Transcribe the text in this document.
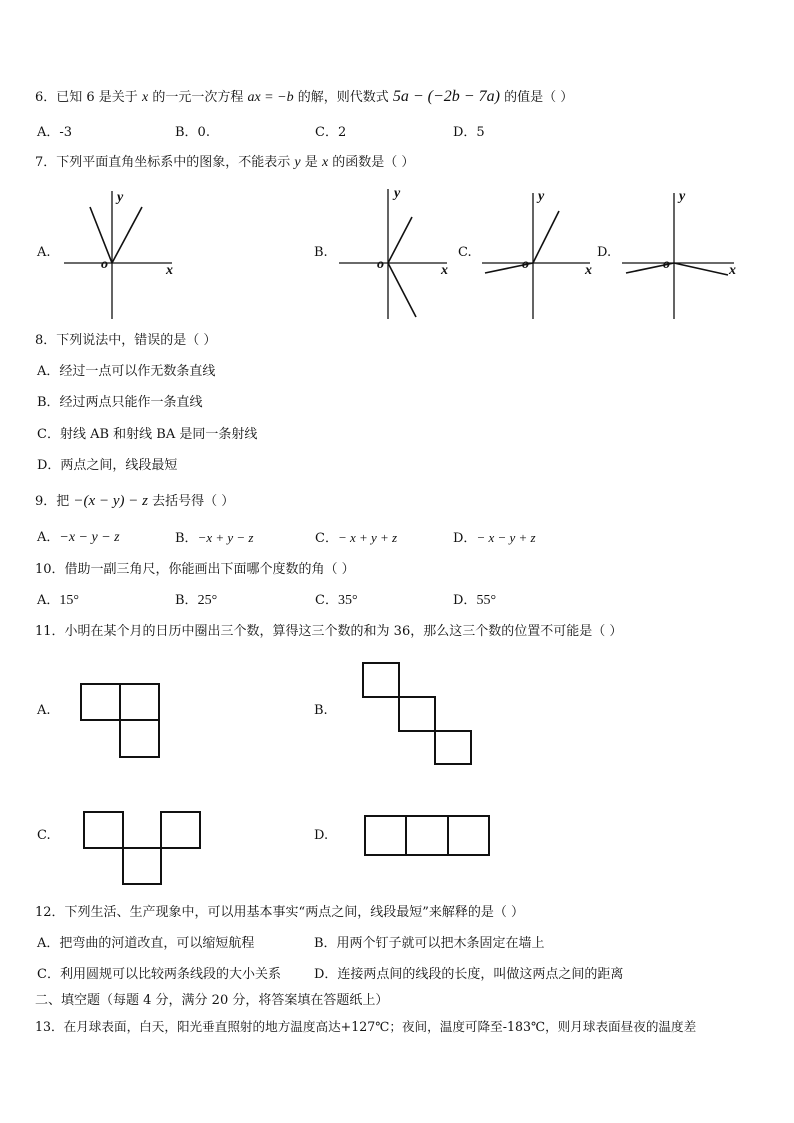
6．已知 6 是关于 x 的一元一次方程 ax = −b 的解，则代数式 5a − (−2b − 7a) 的值是（ ）
A．-3	B．0.	C．2	D．5
7．下列平面直角坐标系中的图象，不能表示 y 是 x 的函数是（ ）
A.	B.	C.	D.
y
x
o
y
x
o
y
x
o
y
x
o
8．下列说法中，错误的是（ ）
A．经过一点可以作无数条直线
B．经过两点只能作一条直线
C．射线 AB 和射线 BA 是同一条射线
D．两点之间，线段最短
9．把 −(x − y) − z 去括号得（ ）
A．−x − y − z	B．−x + y − z	C．− x + y + z	D．− x − y + z
10．借助一副三角尺，你能画出下面哪个度数的角（ ）
A．15°	B．25°	C．35°	D．55°
11．小明在某个月的日历中圈出三个数，算得这三个数的和为 36，那么这三个数的位置不可能是（ ）
A.	B.
C.	D.
12．下列生活、生产现象中，可以用基本事实“两点之间，线段最短”来解释的是（ ）
A．把弯曲的河道改直，可以缩短航程	B．用两个钉子就可以把木条固定在墙上
C．利用圆规可以比较两条线段的大小关系	D．连接两点间的线段的长度，叫做这两点之间的距离
二、填空题（每题 4 分，满分 20 分，将答案填在答题纸上）
13．在月球表面，白天，阳光垂直照射的地方温度高达+127℃；夜间，温度可降至-183℃，则月球表面昼夜的温度差
